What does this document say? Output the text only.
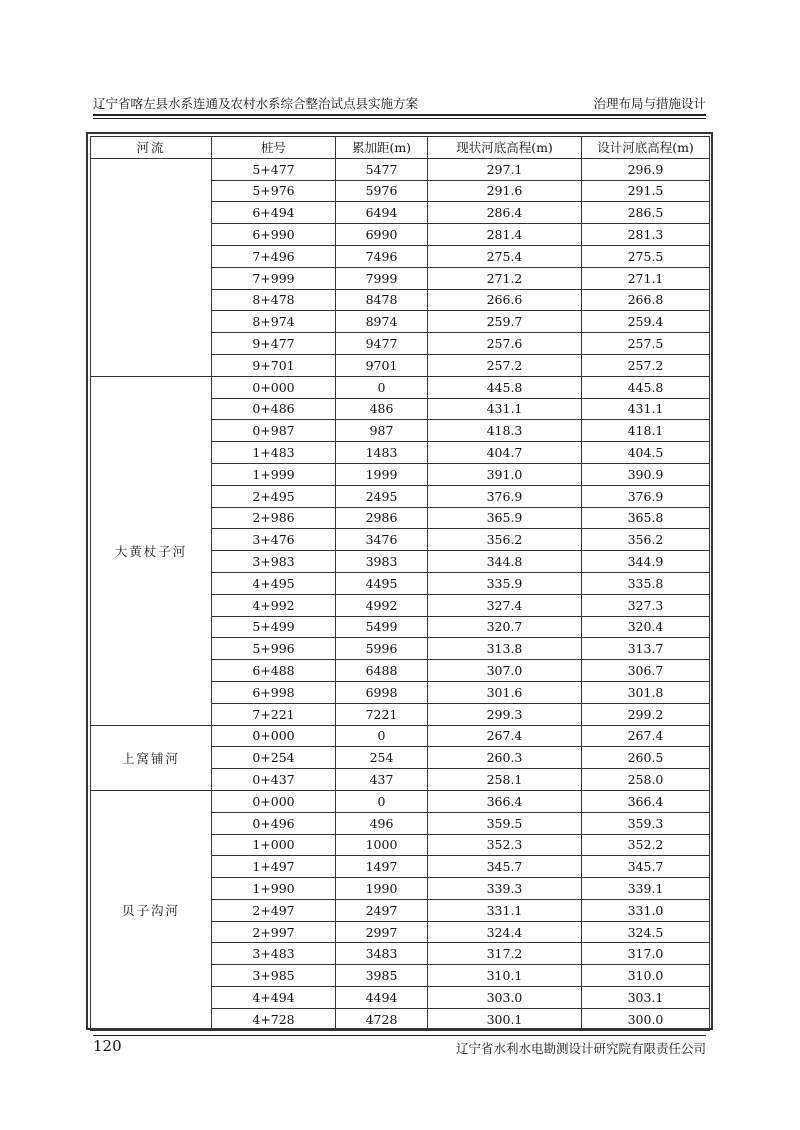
辽宁省喀左县水系连通及农村水系综合整治试点县实施方案	治理布局与措施设计
河流	桩号	累加距(m)	现状河底高程(m)	设计河底高程(m)
	5+477	5477	297.1	296.9
	5+976	5976	291.6	291.5
	6+494	6494	286.4	286.5
	6+990	6990	281.4	281.3
	7+496	7496	275.4	275.5
	7+999	7999	271.2	271.1
	8+478	8478	266.6	266.8
	8+974	8974	259.7	259.4
	9+477	9477	257.6	257.5
	9+701	9701	257.2	257.2
大黄杖子河	0+000	0	445.8	445.8
	0+486	486	431.1	431.1
	0+987	987	418.3	418.1
	1+483	1483	404.7	404.5
	1+999	1999	391.0	390.9
	2+495	2495	376.9	376.9
	2+986	2986	365.9	365.8
	3+476	3476	356.2	356.2
	3+983	3983	344.8	344.9
	4+495	4495	335.9	335.8
	4+992	4992	327.4	327.3
	5+499	5499	320.7	320.4
	5+996	5996	313.8	313.7
	6+488	6488	307.0	306.7
	6+998	6998	301.6	301.8
	7+221	7221	299.3	299.2
上窝铺河	0+000	0	267.4	267.4
	0+254	254	260.3	260.5
	0+437	437	258.1	258.0
贝子沟河	0+000	0	366.4	366.4
	0+496	496	359.5	359.3
	1+000	1000	352.3	352.2
	1+497	1497	345.7	345.7
	1+990	1990	339.3	339.1
	2+497	2497	331.1	331.0
	2+997	2997	324.4	324.5
	3+483	3483	317.2	317.0
	3+985	3985	310.1	310.0
	4+494	4494	303.0	303.1
	4+728	4728	300.1	300.0
120	辽宁省水利水电勘测设计研究院有限责任公司
